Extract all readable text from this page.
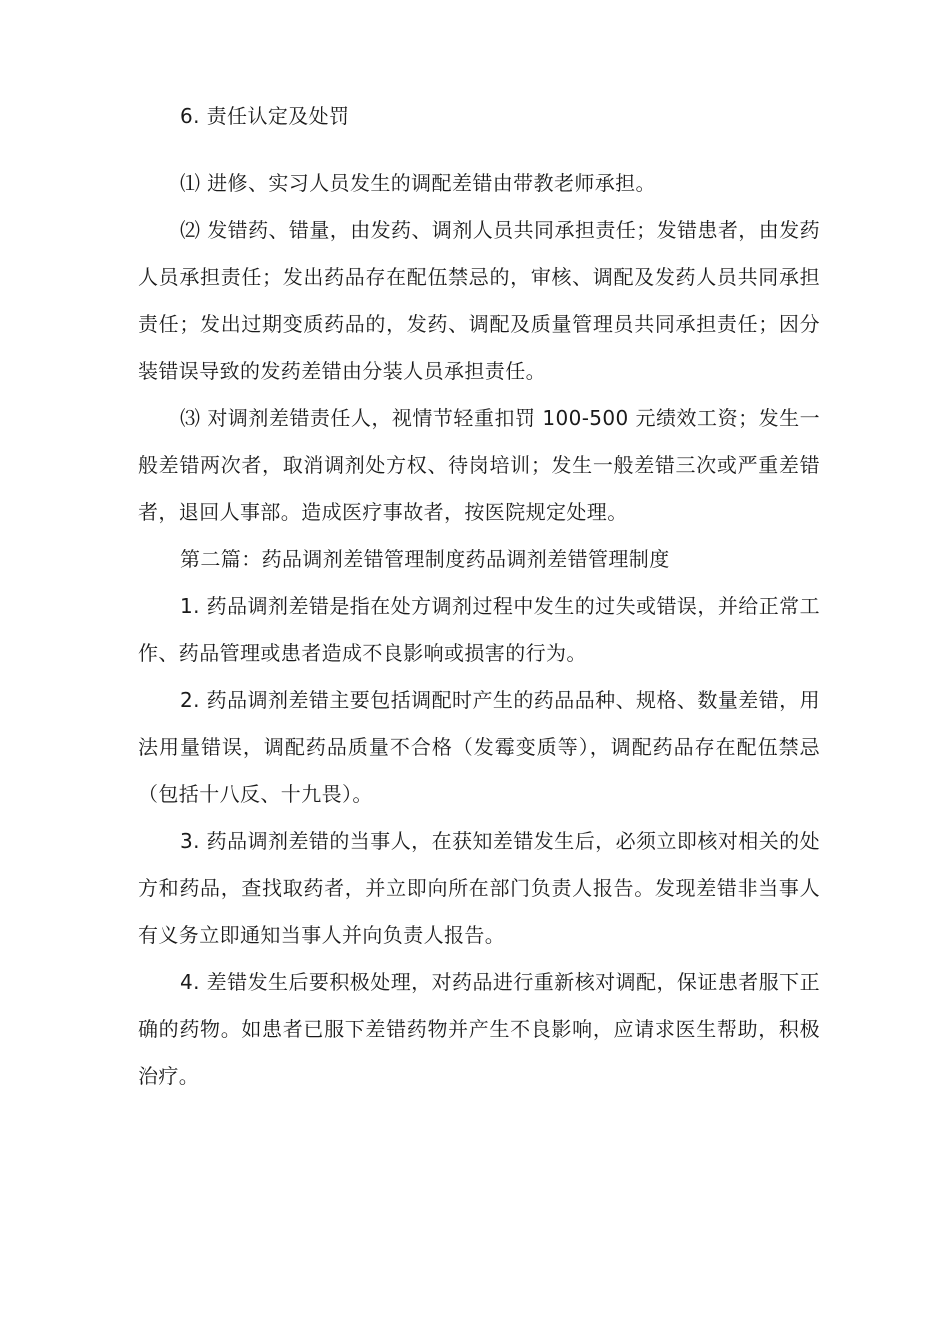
6. 责任认定及处罚

⑴ 进修、实习人员发生的调配差错由带教老师承担。

⑵ 发错药、错量，由发药、调剂人员共同承担责任；发错患者，由发药人员承担责任；发出药品存在配伍禁忌的，审核、调配及发药人员共同承担责任；发出过期变质药品的，发药、调配及质量管理员共同承担责任；因分装错误导致的发药差错由分装人员承担责任。

⑶ 对调剂差错责任人，视情节轻重扣罚 100-500 元绩效工资；发生一般差错两次者，取消调剂处方权、待岗培训；发生一般差错三次或严重差错者，退回人事部。造成医疗事故者，按医院规定处理。

第二篇：药品调剂差错管理制度药品调剂差错管理制度

1. 药品调剂差错是指在处方调剂过程中发生的过失或错误，并给正常工作、药品管理或患者造成不良影响或损害的行为。

2. 药品调剂差错主要包括调配时产生的药品品种、规格、数量差错，用法用量错误，调配药品质量不合格（发霉变质等），调配药品存在配伍禁忌（包括十八反、十九畏）。

3. 药品调剂差错的当事人，在获知差错发生后，必须立即核对相关的处方和药品，查找取药者，并立即向所在部门负责人报告。发现差错非当事人有义务立即通知当事人并向负责人报告。

4. 差错发生后要积极处理，对药品进行重新核对调配，保证患者服下正确的药物。如患者已服下差错药物并产生不良影响，应请求医生帮助，积极治疗。
